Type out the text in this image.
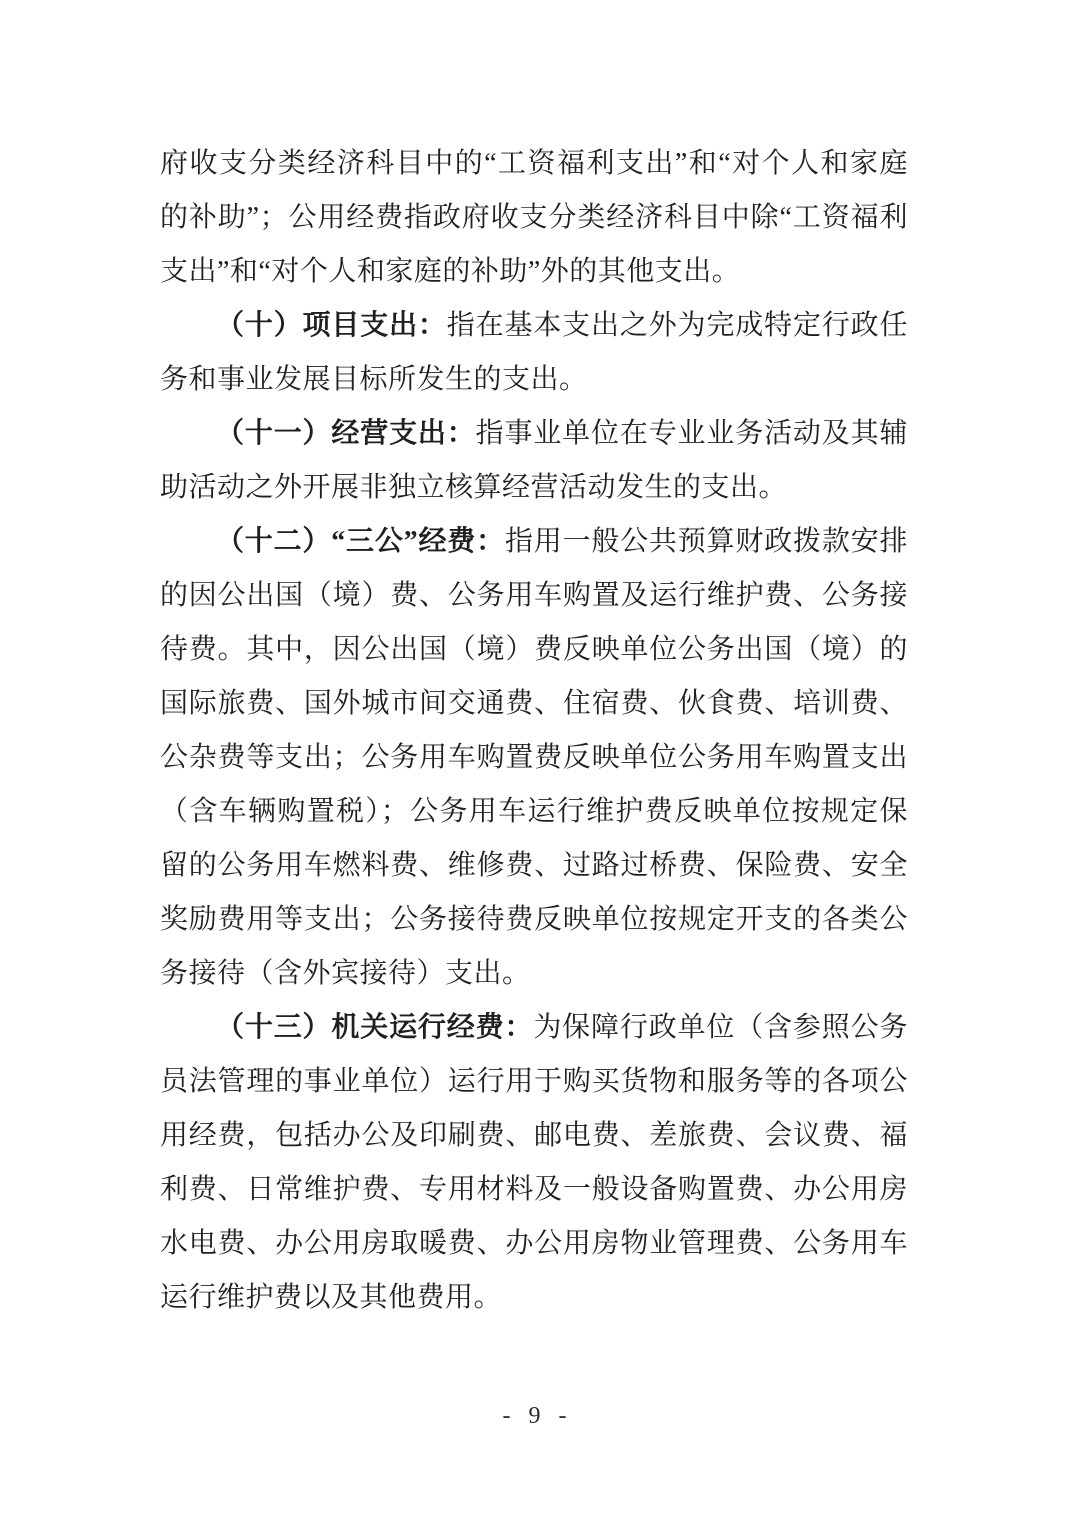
府收支分类经济科目中的“工资福利支出”和“对个人和家庭的补助”；公用经费指政府收支分类经济科目中除“工资福利支出”和“对个人和家庭的补助”外的其他支出。

（十）项目支出：指在基本支出之外为完成特定行政任务和事业发展目标所发生的支出。

（十一）经营支出：指事业单位在专业业务活动及其辅助活动之外开展非独立核算经营活动发生的支出。

（十二）“三公”经费：指用一般公共预算财政拨款安排的因公出国（境）费、公务用车购置及运行维护费、公务接待费。其中，因公出国（境）费反映单位公务出国（境）的国际旅费、国外城市间交通费、住宿费、伙食费、培训费、公杂费等支出；公务用车购置费反映单位公务用车购置支出（含车辆购置税）；公务用车运行维护费反映单位按规定保留的公务用车燃料费、维修费、过路过桥费、保险费、安全奖励费用等支出；公务接待费反映单位按规定开支的各类公务接待（含外宾接待）支出。

（十三）机关运行经费：为保障行政单位（含参照公务员法管理的事业单位）运行用于购买货物和服务等的各项公用经费，包括办公及印刷费、邮电费、差旅费、会议费、福利费、日常维护费、专用材料及一般设备购置费、办公用房水电费、办公用房取暖费、办公用房物业管理费、公务用车运行维护费以及其他费用。

- 9 -
